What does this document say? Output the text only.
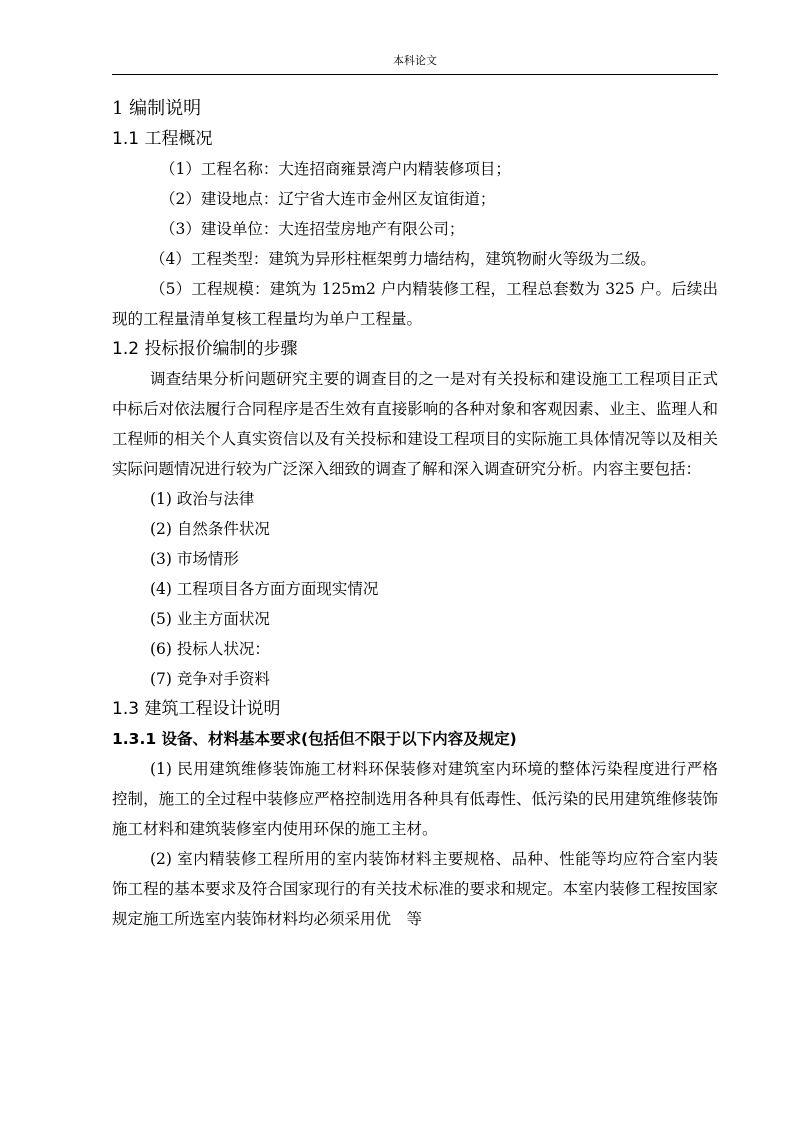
本科论文
1 编制说明
1.1 工程概况
（1）工程名称：大连招商雍景湾户内精装修项目；
（2）建设地点：辽宁省大连市金州区友谊街道；
（3）建设单位：大连招莹房地产有限公司；

（4）工程类型：建筑为异形柱框架剪力墙结构，建筑物耐火等级为二级。

（5）工程规模：建筑为 125m2 户内精装修工程，工程总套数为 325 户。后续出现的工程量清单复核工程量均为单户工程量。

1.2 投标报价编制的步骤

调查结果分析问题研究主要的调查目的之一是对有关投标和建设施工工程项目正式中标后对依法履行合同程序是否生效有直接影响的各种对象和客观因素、业主、监理人和工程师的相关个人真实资信以及有关投标和建设工程项目的实际施工具体情况等以及相关实际问题情况进行较为广泛深入细致的调查了解和深入调查研究分析。内容主要包括：

(1) 政治与法律
(2) 自然条件状况
(3) 市场情形
(4) 工程项目各方面方面现实情况
(5) 业主方面状况
(6) 投标人状况：
(7) 竞争对手资料
1.3 建筑工程设计说明
1.3.1 设备、材料基本要求(包括但不限于以下内容及规定)

(1) 民用建筑维修装饰施工材料环保装修对建筑室内环境的整体污染程度进行严格控制，施工的全过程中装修应严格控制选用各种具有低毒性、低污染的民用建筑维修装饰施工材料和建筑装修室内使用环保的施工主材。

(2) 室内精装修工程所用的室内装饰材料主要规格、品种、性能等均应符合室内装饰工程的基本要求及符合国家现行的有关技术标准的要求和规定。本室内装修工程按国家规定施工所选室内装饰材料均必须采用优　等
